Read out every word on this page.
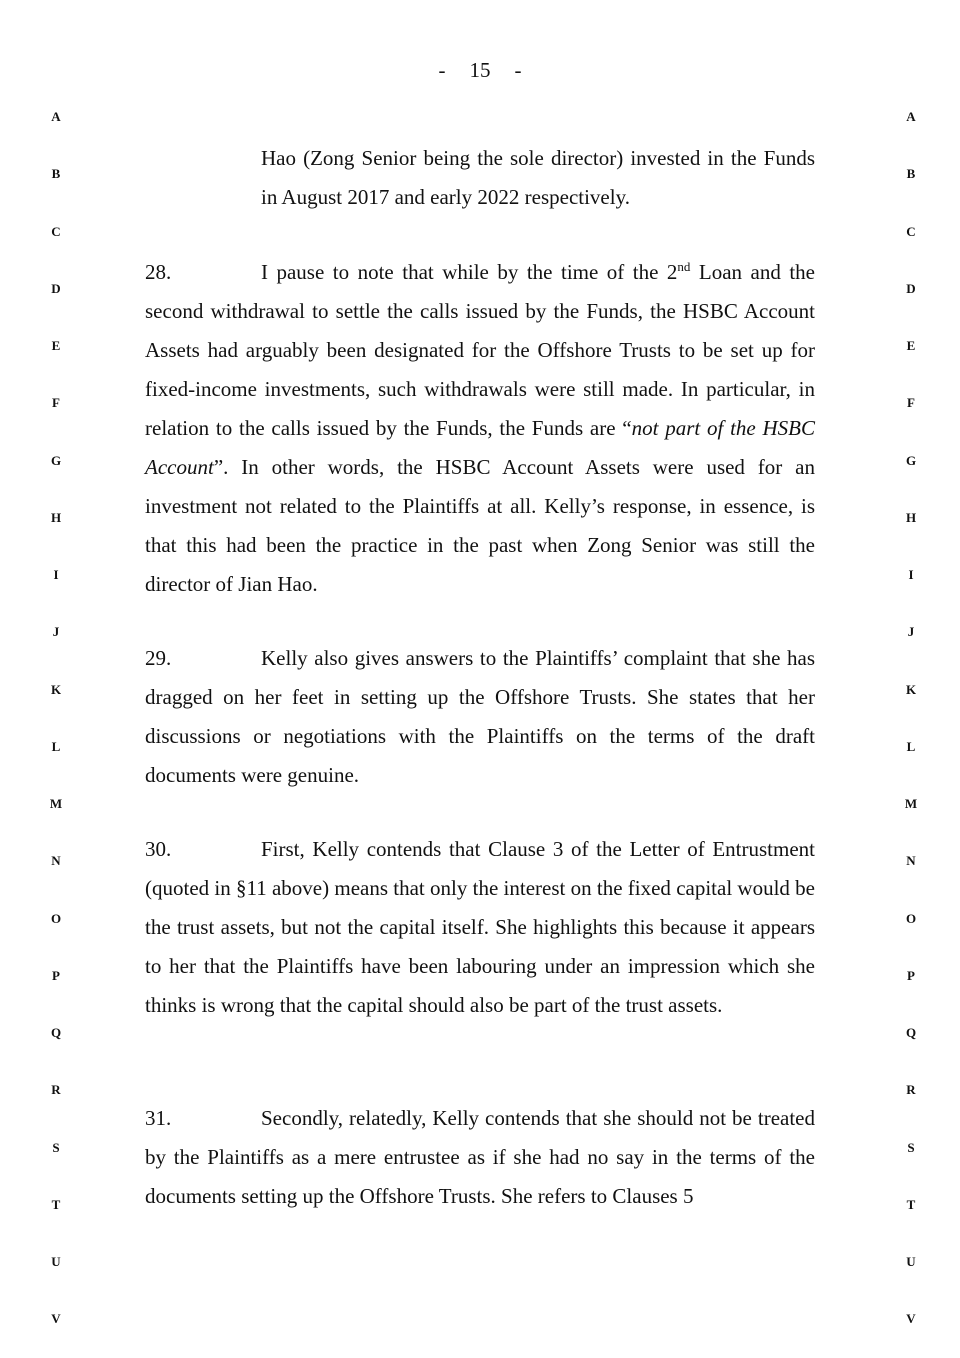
- 15 -
A	A
B	B
C	C
D	D
E	E
F	F
G	G
H	H
I	I
J	J
K	K
L	L
M	M
N	N
O	O
P	P
Q	Q
R	R
S	S
T	T
U	U
V	V
Hao (Zong Senior being the sole director) invested in the Funds in August 2017 and early 2022 respectively.
28.	I pause to note that while by the time of the 2nd Loan and the second withdrawal to settle the calls issued by the Funds, the HSBC Account Assets had arguably been designated for the Offshore Trusts to be set up for fixed-income investments, such withdrawals were still made. In particular, in relation to the calls issued by the Funds, the Funds are “not part of the HSBC Account”. In other words, the HSBC Account Assets were used for an investment not related to the Plaintiffs at all. Kelly’s response, in essence, is that this had been the practice in the past when Zong Senior was still the director of Jian Hao.
29.	Kelly also gives answers to the Plaintiffs’ complaint that she has dragged on her feet in setting up the Offshore Trusts. She states that her discussions or negotiations with the Plaintiffs on the terms of the draft documents were genuine.
30.	First, Kelly contends that Clause 3 of the Letter of Entrustment (quoted in §11 above) means that only the interest on the fixed capital would be the trust assets, but not the capital itself. She highlights this because it appears to her that the Plaintiffs have been labouring under an impression which she thinks is wrong that the capital should also be part of the trust assets.
31.	Secondly, relatedly, Kelly contends that she should not be treated by the Plaintiffs as a mere entrustee as if she had no say in the terms of the documents setting up the Offshore Trusts. She refers to Clauses 5
